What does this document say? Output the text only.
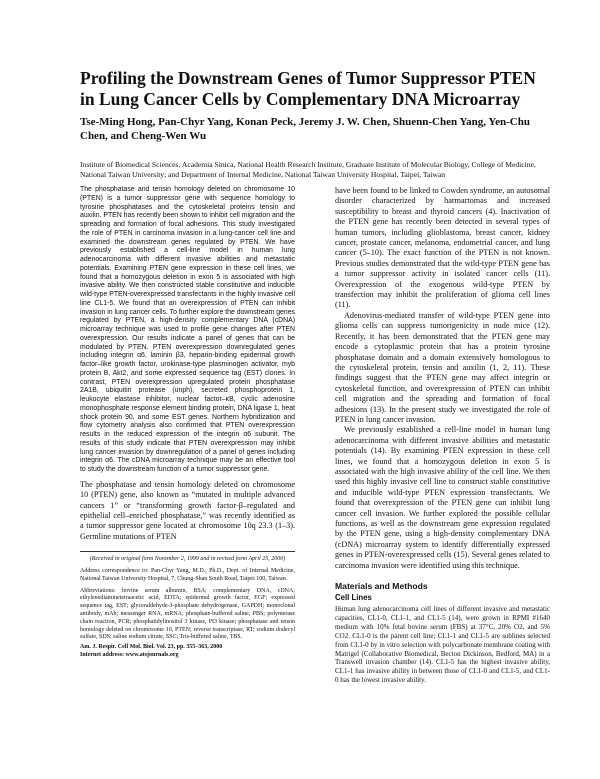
Profiling the Downstream Genes of Tumor Suppressor PTEN in Lung Cancer Cells by Complementary DNA Microarray
Tse-Ming Hong, Pan-Chyr Yang, Konan Peck, Jeremy J. W. Chen, Shuenn-Chen Yang, Yen-Chu Chen, and Cheng-Wen Wu
Institute of Biomedical Sciences, Academia Sinica, National Health Research Institute, Graduate Institute of Molecular Biology, College of Medicine, National Taiwan University; and Department of Internal Medicine, National Taiwan University Hospital, Taipei, Taiwan

The phosphatase and tensin homology deleted on chromosome 10 (PTEN) is a tumor suppressor gene with sequence homology to tyrosine phosphatases and the cytoskeletal proteins tensin and auxilin. PTEN has recently been shown to inhibit cell migration and the spreading and formation of focal adhesions. This study investigated the role of PTEN in carcinoma invasion in a lung-cancer cell line and examined the downstream genes regulated by PTEN. We have previously established a cell-line model in human lung adenocarcinoma with different invasive abilities and metastatic potentials. Examining PTEN gene expression in these cell lines, we found that a homozygous deletion in exon 5 is associated with high invasive ability. We then constructed stable constitutive and inducible wild-type PTEN-overexpressed transfectants in the highly invasive cell line CL1-5. We found that an overexpression of PTEN can inhibit invasion in lung cancer cells. To further explore the downstream genes regulated by PTEN, a high-density complementary DNA (cDNA) microarray technique was used to profile gene changes after PTEN overexpression. Our results indicate a panel of genes that can be modulated by PTEN. PTEN overexpression downregulated genes including integrin α6, laminin β3, heparin-binding epidermal growth factor–like growth factor, urokinase-type plasminogen activator, myb protein B, Akt2, and some expressed sequence tag (EST) clones. In contrast, PTEN overexpression upregulated protein phosphatase 2A1B, ubiquitin protease (unph), secreted phosphoprotein 1, leukocyte elastase inhibitor, nuclear factor–κB, cyclic adenosine monophosphate response element binding protein, DNA ligase 1, heat shock protein 90, and some EST genes. Northern hybridization and flow cytometry analysis also confirmed that PTEN overexpression results in the reduced expression of the integrin α6 subunit. The results of this study indicate that PTEN overexpression may inhibit lung cancer invasion by downregulation of a panel of genes including integrin α6. The cDNA microarray technique may be an effective tool to study the downstream function of a tumor suppressor gene.

The phosphatase and tensin homology deleted on chromosome 10 (PTEN) gene, also known as “mutated in multiple advanced cancers 1” or “transforming growth factor-β–regulated and epithelial cell–enriched phosphatase,” was recently identified as a tumor suppressor gene located at chromosome 10q 23.3 (1–3). Germline mutations of PTEN

(Received in original form November 2, 1999 and in revised form April 25, 2000)

Address correspondence to: Pan-Chyr Yang, M.D., Ph.D., Dept. of Internal Medicine, National Taiwan University Hospital, 7, Chung-Shan South Road, Taipei 100, Taiwan.

Abbreviations: bovine serum albumin, BSA; complementary DNA, cDNA; ethylenediaminetetraacetic acid, EDTA; epidermal growth factor, EGF; expressed sequence tag, EST; glyceraldehyde-3-phosphate dehydrogenase, GAPDH; monoclonal antibody, mAb; messenger RNA, mRNA; phosphate-buffered saline, PBS; polymerase chain reaction, PCR; phosphatidylinositol 3 kinase, PI3 kinase; phosphatase and tensin homology deleted on chromosome 10, PTEN; reverse transcriptase, RT; sodium dodecyl sulfate, SDS; saline sodium citrate, SSC; Tris-buffered saline, TBS.

Am. J. Respir. Cell Mol. Biol. Vol. 23, pp. 355–363, 2000

Internet address: www.atsjournals.org

have been found to be linked to Cowden syndrome, an autosomal disorder characterized by harmartomas and increased susceptibility to breast and thyroid cancers (4). Inactivation of the PTEN gene has recently been detected in several types of human tumors, including glioblastoma, breast cancer, kidney cancer, prostate cancer, melanoma, endometrial cancer, and lung cancer (5–10). The exact function of the PTEN is not known. Previous studies demonstrated that the wild-type PTEN gene has a tumor suppressor activity in isolated cancer cells (11). Overexpression of the exogenous wild-type PTEN by transfection may inhibit the proliferation of glioma cell lines (11).

Adenovirus-mediated transfer of wild-type PTEN gene into glioma cells can suppress tumorigenicity in nude mice (12). Recently, it has been demonstrated that the PTEN gene may encode a cytoplasmic protein that has a protein tyrosine phosphatase domain and a domain extensively homologous to the cytoskeletal protein, tensin and auxilin (1, 2, 11). These findings suggest that the PTEN gene may affect integrin or cytoskeletal function, and overexpression of PTEN can inhibit cell migration and the spreading and formation of focal adhesions (13). In the present study we investigated the role of PTEN in lung cancer invasion.

We previously established a cell-line model in human lung adenocarcinoma with different invasive abilities and metastatic potentials (14). By examining PTEN expression in these cell lines, we found that a homozygous deletion in exon 5 is associated with the high invasive ability of the cell line. We then used this highly invasive cell line to construct stable constitutive and inducible wild-type PTEN expression transfectants. We found that overexpression of the PTEN gene can inhibit lung cancer cell invasion. We further explored the possible cellular functions, as well as the downstream gene expression regulated by the PTEN gene, using a high-density complementary DNA (cDNA) microarray system to identify differentially expressed genes in PTEN-overexpressed cells (15). Several genes related to carcinoma invasion were identified using this technique.

Materials and Methods

Cell Lines

Human lung adenocarcinoma cell lines of different invasive and metastatic capacities, CL1-0, CL1-1, and CL1-5 (14), were grown in RPMI #1640 medium with 10% fetal bovine serum (FBS) at 37°C, 20% O2, and 5% CO2. CL1-0 is the parent cell line; CL1-1 and CL1-5 are sublines selected from CL1-0 by in vitro selection with polycarbonate membrane coating with Matrigel (Collaborative Biomedical, Becton Dickinson, Bedford, MA) in a Transwell invasion chamber (14). CL1-5 has the highest invasive ability, CL1-1 has invasive ability in between those of CL1-0 and CL1-5, and CL1-0 has the lowest invasive ability.
